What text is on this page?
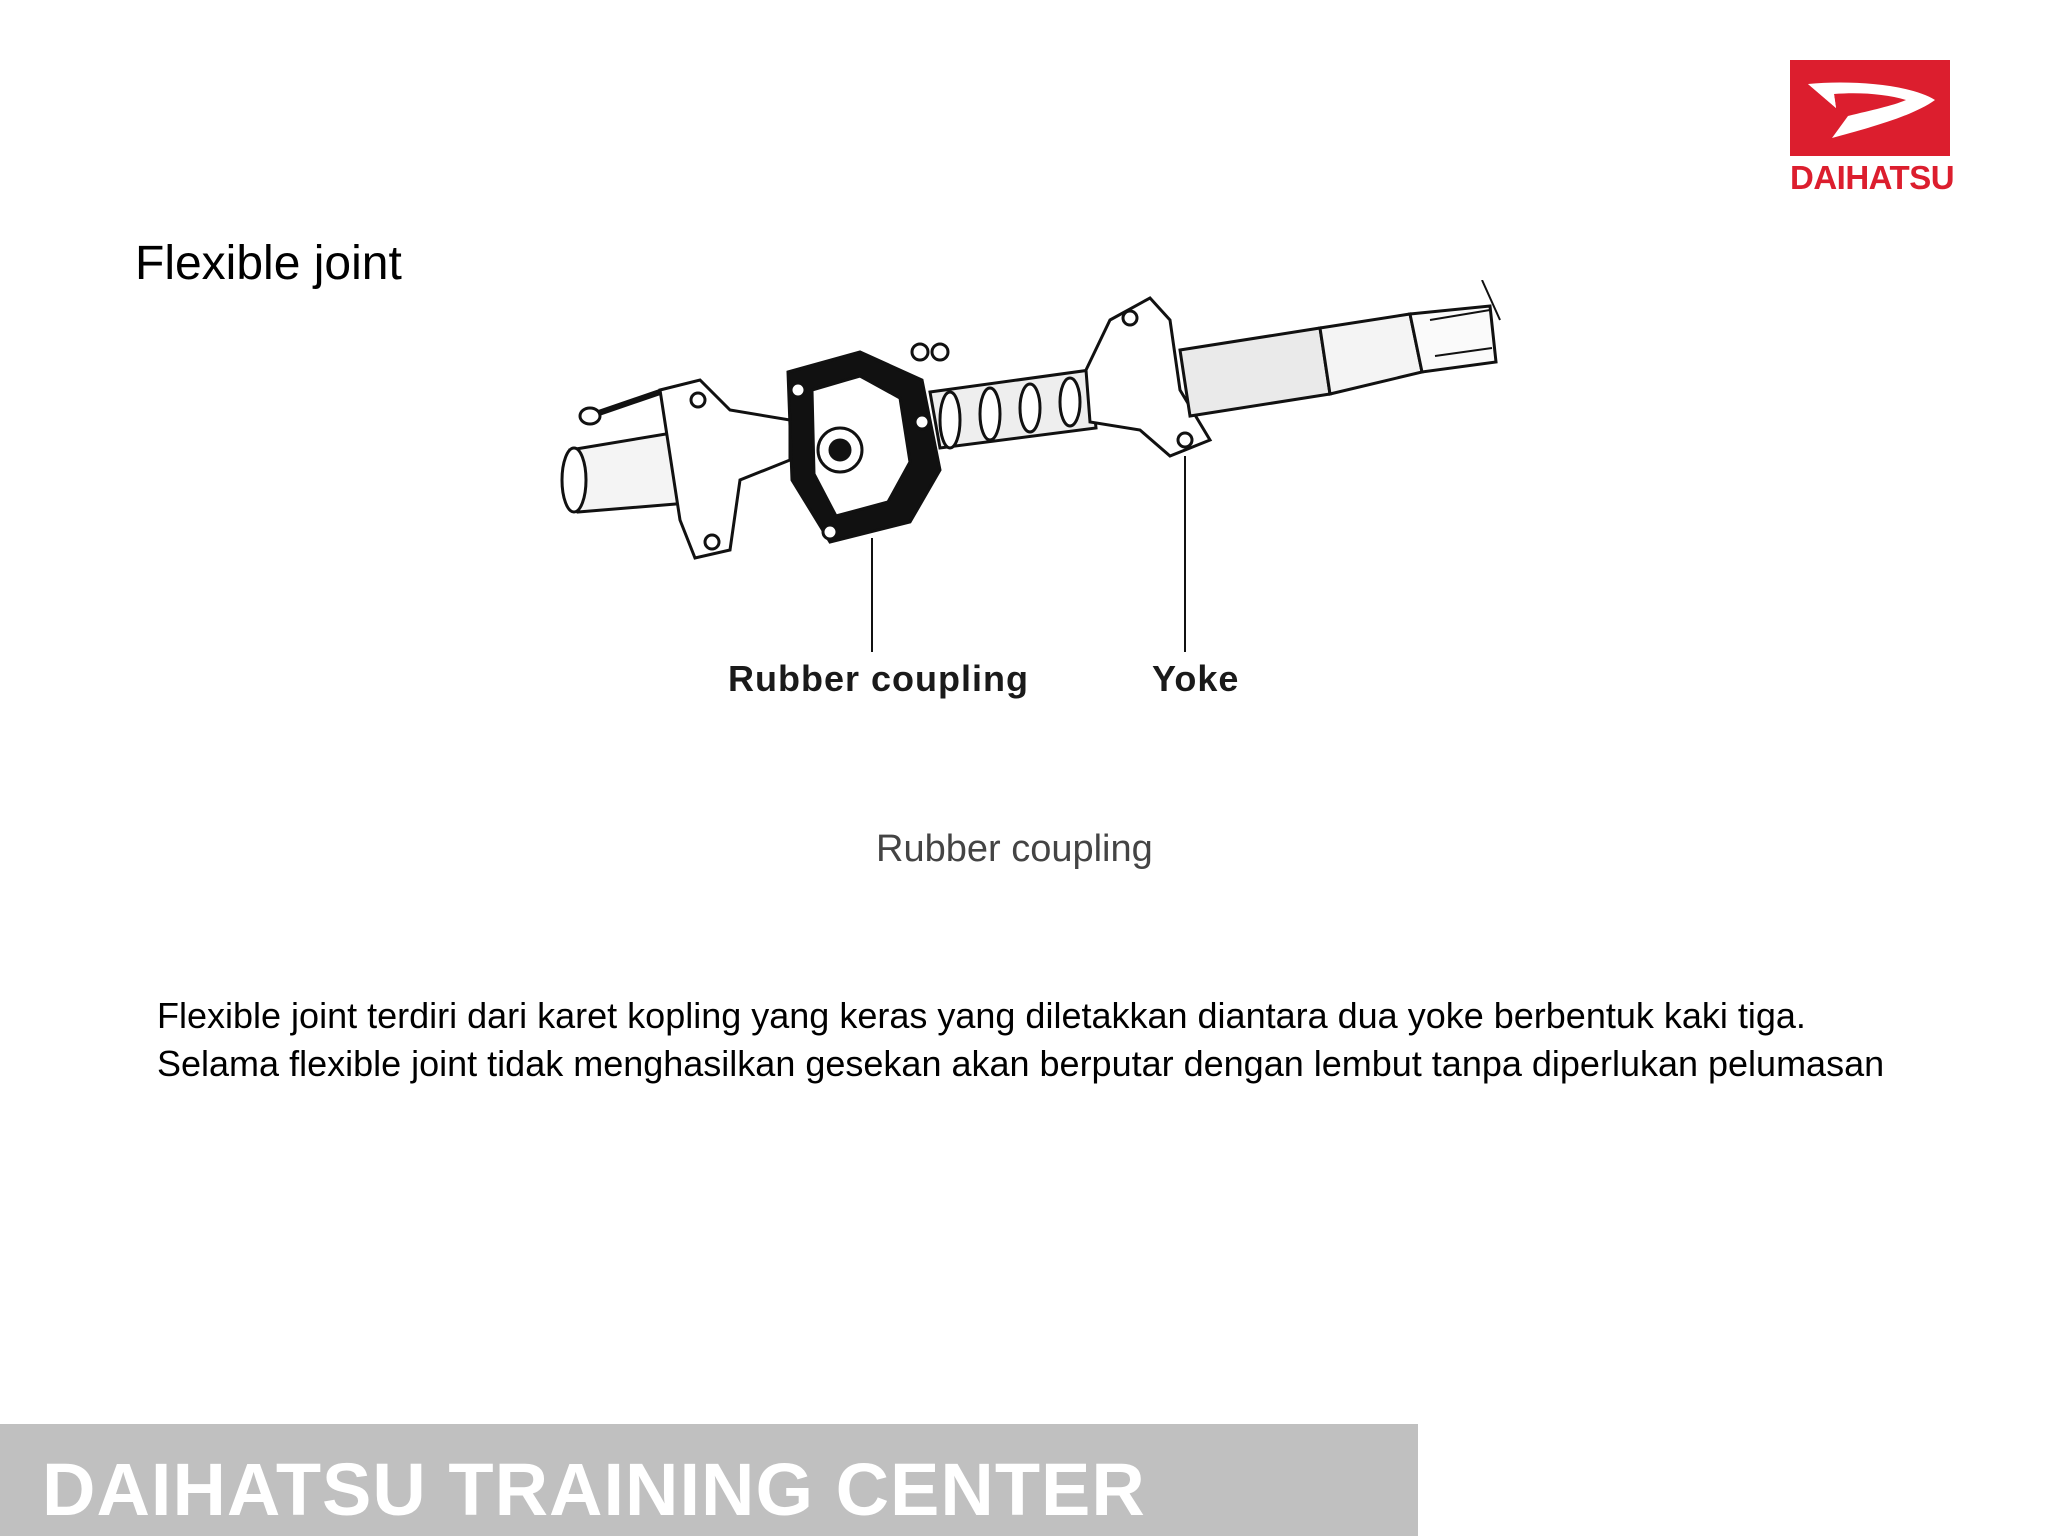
DAIHATSU
Flexible joint
Rubber coupling	Yoke
Rubber coupling

Flexible joint terdiri dari karet kopling yang keras yang diletakkan diantara dua yoke berbentuk kaki tiga.

Selama flexible joint tidak menghasilkan gesekan akan berputar dengan lembut tanpa diperlukan pelumasan

DAIHATSU TRAINING CENTER
